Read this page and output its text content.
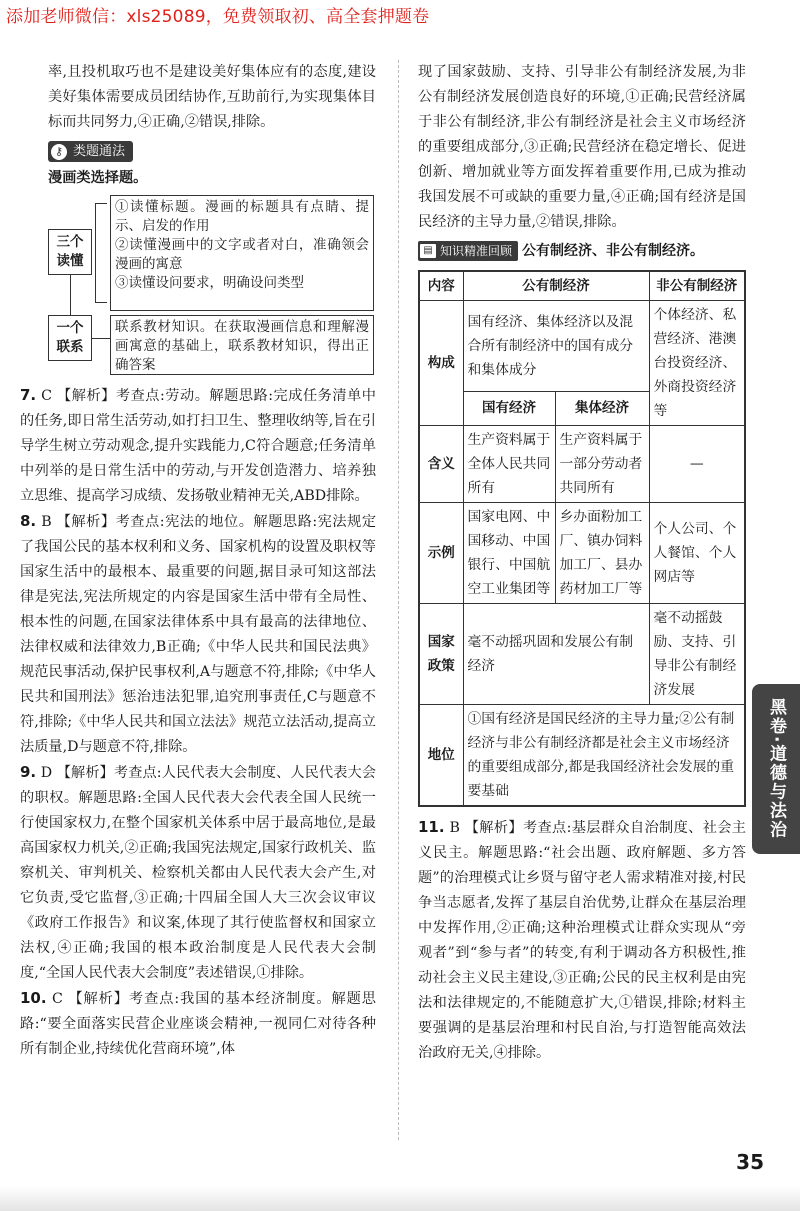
添加老师微信：xls25089，免费领取初、高全套押题卷

率,且投机取巧也不是建设美好集体应有的态度,建设美好集体需要成员团结协作,互助前行,为实现集体目标而共同努力,④正确,②错误,排除。

⚷ 类题通法

漫画类选择题。

三个读懂
①读懂标题。漫画的标题具有点睛、提示、启发的作用
②读懂漫画中的文字或者对白，准确领会漫画的寓意
③读懂设问要求，明确设问类型
一个联系
联系教材知识。在获取漫画信息和理解漫画寓意的基础上，联系教材知识，得出正确答案

7. C 【解析】考查点:劳动。解题思路:完成任务清单中的任务,即日常生活劳动,如打扫卫生、整理收纳等,旨在引导学生树立劳动观念,提升实践能力,C符合题意;任务清单中列举的是日常生活中的劳动,与开发创造潜力、培养独立思维、提高学习成绩、发扬敬业精神无关,ABD排除。

8. B 【解析】考查点:宪法的地位。解题思路:宪法规定了我国公民的基本权利和义务、国家机构的设置及职权等国家生活中的最根本、最重要的问题,据目录可知这部法律是宪法,宪法所规定的内容是国家生活中带有全局性、根本性的问题,在国家法律体系中具有最高的法律地位、法律权威和法律效力,B正确;《中华人民共和国民法典》规范民事活动,保护民事权利,A与题意不符,排除;《中华人民共和国刑法》惩治违法犯罪,追究刑事责任,C与题意不符,排除;《中华人民共和国立法法》规范立法活动,提高立法质量,D与题意不符,排除。

9. D 【解析】考查点:人民代表大会制度、人民代表大会的职权。解题思路:全国人民代表大会代表全国人民统一行使国家权力,在整个国家机关体系中居于最高地位,是最高国家权力机关,②正确;我国宪法规定,国家行政机关、监察机关、审判机关、检察机关都由人民代表大会产生,对它负责,受它监督,③正确;十四届全国人大三次会议审议《政府工作报告》和议案,体现了其行使监督权和国家立法权,④正确;我国的根本政治制度是人民代表大会制度,“全国人民代表大会制度”表述错误,①排除。

10. C 【解析】考查点:我国的基本经济制度。解题思路:“要全面落实民营企业座谈会精神,一视同仁对待各种所有制企业,持续优化营商环境”,体

现了国家鼓励、支持、引导非公有制经济发展,为非公有制经济发展创造良好的环境,①正确;民营经济属于非公有制经济,非公有制经济是社会主义市场经济的重要组成部分,③正确;民营经济在稳定增长、促进创新、增加就业等方面发挥着重要作用,已成为推动我国发展不可或缺的重要力量,④正确;国有经济是国民经济的主导力量,②错误,排除。

▤ 知识精准回顾 公有制经济、非公有制经济。

内容	公有制经济		非公有制经济
构成	国有经济、集体经济以及混合所有制经济中的国有成分和集体成分		个体经济、私营经济、港澳台投资经济、外商投资经济等
	国有经济	集体经济	
含义	生产资料属于全体人民共同所有	生产资料属于一部分劳动者共同所有	—
示例	国家电网、中国移动、中国银行、中国航空工业集团等	乡办面粉加工厂、镇办饲料加工厂、县办药材加工厂等	个人公司、个人餐馆、个人网店等
国家政策	毫不动摇巩固和发展公有制经济		毫不动摇鼓励、支持、引导非公有制经济发展
地位	①国有经济是国民经济的主导力量;②公有制经济与非公有制经济都是社会主义市场经济的重要组成部分,都是我国经济社会发展的重要基础		

11. B 【解析】考查点:基层群众自治制度、社会主义民主。解题思路:“社会出题、政府解题、多方答题”的治理模式让乡贤与留守老人需求精准对接,村民争当志愿者,发挥了基层自治优势,让群众在基层治理中发挥作用,②正确;这种治理模式让群众实现从“旁观者”到“参与者”的转变,有利于调动各方积极性,推动社会主义民主建设,③正确;公民的民主权利是由宪法和法律规定的,不能随意扩大,①错误,排除;材料主要强调的是基层治理和村民自治,与打造智能高效法治政府无关,④排除。

黑卷·道德与法治
35
